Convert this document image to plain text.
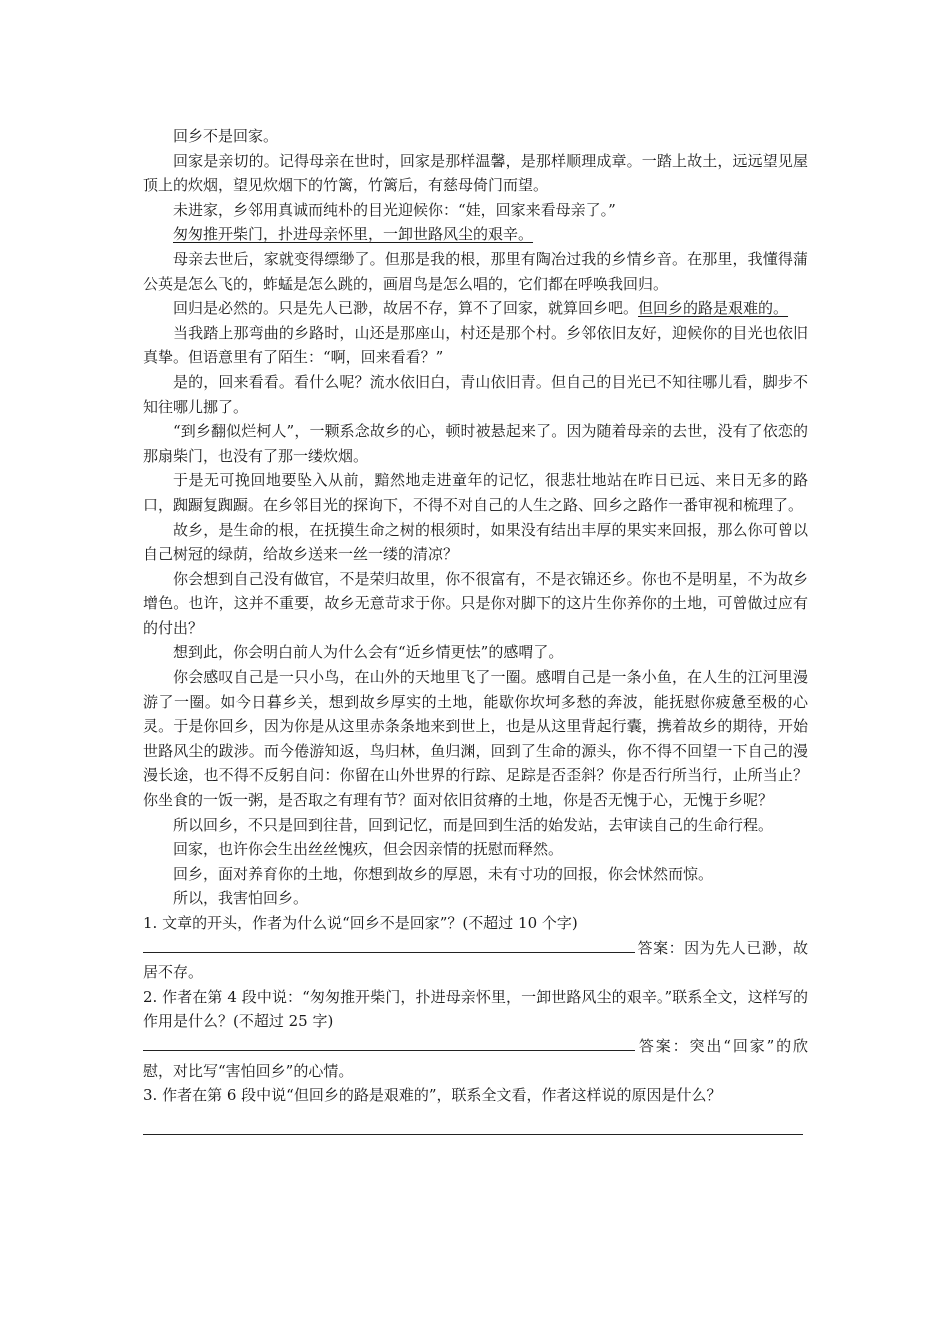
回乡不是回家。

回家是亲切的。记得母亲在世时，回家是那样温馨，是那样顺理成章。一踏上故土，远远望见屋顶上的炊烟，望见炊烟下的竹篱，竹篱后，有慈母倚门而望。

未进家，乡邻用真诚而纯朴的目光迎候你：“娃，回家来看母亲了。”

匆匆推开柴门，扑进母亲怀里，一卸世路风尘的艰辛。

母亲去世后，家就变得缥缈了。但那是我的根，那里有陶冶过我的乡情乡音。在那里，我懂得蒲公英是怎么飞的，蚱蜢是怎么跳的，画眉鸟是怎么唱的，它们都在呼唤我回归。

回归是必然的。只是先人已渺，故居不存，算不了回家，就算回乡吧。但回乡的路是艰难的。

当我踏上那弯曲的乡路时，山还是那座山，村还是那个村。乡邻依旧友好，迎候你的目光也依旧真挚。但语意里有了陌生：“啊，回来看看？”

是的，回来看看。看什么呢？流水依旧白，青山依旧青。但自己的目光已不知往哪儿看，脚步不知往哪儿挪了。

“到乡翻似烂柯人”，一颗系念故乡的心，顿时被悬起来了。因为随着母亲的去世，没有了依恋的那扇柴门，也没有了那一缕炊烟。

于是无可挽回地要坠入从前，黯然地走进童年的记忆，很悲壮地站在昨日已远、来日无多的路口，踟蹰复踟蹰。在乡邻目光的探询下，不得不对自己的人生之路、回乡之路作一番审视和梳理了。

故乡，是生命的根，在抚摸生命之树的根须时，如果没有结出丰厚的果实来回报，那么你可曾以自己树冠的绿荫，给故乡送来一丝一缕的清凉？

你会想到自己没有做官，不是荣归故里，你不很富有，不是衣锦还乡。你也不是明星，不为故乡增色。也许，这并不重要，故乡无意苛求于你。只是你对脚下的这片生你养你的土地，可曾做过应有的付出？

想到此，你会明白前人为什么会有“近乡情更怯”的感喟了。

你会感叹自己是一只小鸟，在山外的天地里飞了一圈。感喟自己是一条小鱼，在人生的江河里漫游了一圈。如今日暮乡关，想到故乡厚实的土地，能歇你坎坷多愁的奔波，能抚慰你疲惫至极的心灵。于是你回乡，因为你是从这里赤条条地来到世上，也是从这里背起行囊，携着故乡的期待，开始世路风尘的跋涉。而今倦游知返，鸟归林，鱼归渊，回到了生命的源头，你不得不回望一下自己的漫漫长途，也不得不反躬自问：你留在山外世界的行踪、足踪是否歪斜？你是否行所当行，止所当止？你坐食的一饭一粥，是否取之有理有节？面对依旧贫瘠的土地，你是否无愧于心，无愧于乡呢？

所以回乡，不只是回到往昔，回到记忆，而是回到生活的始发站，去审读自己的生命行程。

回家，也许你会生出丝丝愧疚，但会因亲情的抚慰而释然。

回乡，面对养育你的土地，你想到故乡的厚恩，未有寸功的回报，你会怵然而惊。

所以，我害怕回乡。

1. 文章的开头，作者为什么说“回乡不是回家”？(不超过 10 个字)

答案：因为先人已渺，故居不存。

2. 作者在第 4 段中说：“匆匆推开柴门，扑进母亲怀里，一卸世路风尘的艰辛。”联系全文，这样写的作用是什么？(不超过 25 字)

答案：突出“回家”的欣慰，对比写“害怕回乡”的心情。

3. 作者在第 6 段中说“但回乡的路是艰难的”，联系全文看，作者这样说的原因是什么？
